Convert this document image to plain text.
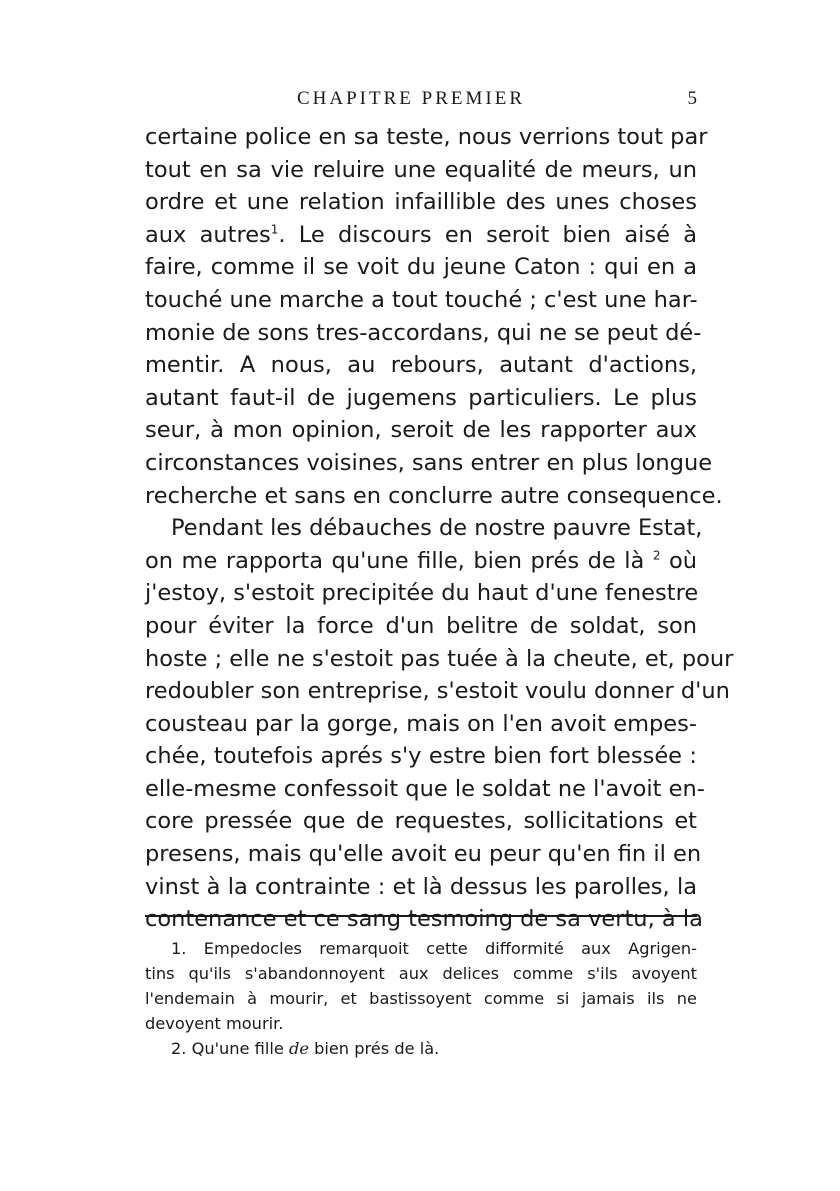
CHAPITRE PREMIER	5
certaine police en sa teste, nous verrions tout par
tout en sa vie reluire une equalité de meurs, un
ordre et une relation infaillible des unes choses
aux autres$^1$. Le discours en seroit bien aisé à
faire, comme il se voit du jeune Caton : qui en a
touché une marche a tout touché ; c'est une har-
monie de sons tres-accordans, qui ne se peut dé-
mentir. A nous, au rebours, autant d'actions,
autant faut-il de jugemens particuliers. Le plus
seur, à mon opinion, seroit de les rapporter aux
circonstances voisines, sans entrer en plus longue
recherche et sans en conclurre autre consequence.
Pendant les débauches de nostre pauvre Estat,
on me rapporta qu'une fille, bien prés de là $^2$ où
j'estoy, s'estoit precipitée du haut d'une fenestre
pour éviter la force d'un belitre de soldat, son
hoste ; elle ne s'estoit pas tuée à la cheute, et, pour
redoubler son entreprise, s'estoit voulu donner d'un
cousteau par la gorge, mais on l'en avoit empes-
chée, toutefois aprés s'y estre bien fort blessée :
elle-mesme confessoit que le soldat ne l'avoit en-
core pressée que de requestes, sollicitations et
presens, mais qu'elle avoit eu peur qu'en fin il en
vinst à la contrainte : et là dessus les parolles, la
contenance et ce sang tesmoing de sa vertu, à la
1. Empedocles remarquoit cette difformité aux Agrigen-
tins qu'ils s'abandonnoyent aux delices comme s'ils avoyent
l'endemain à mourir, et bastissoyent comme si jamais ils ne
devoyent mourir.
2. Qu'une fille de bien prés de là.
